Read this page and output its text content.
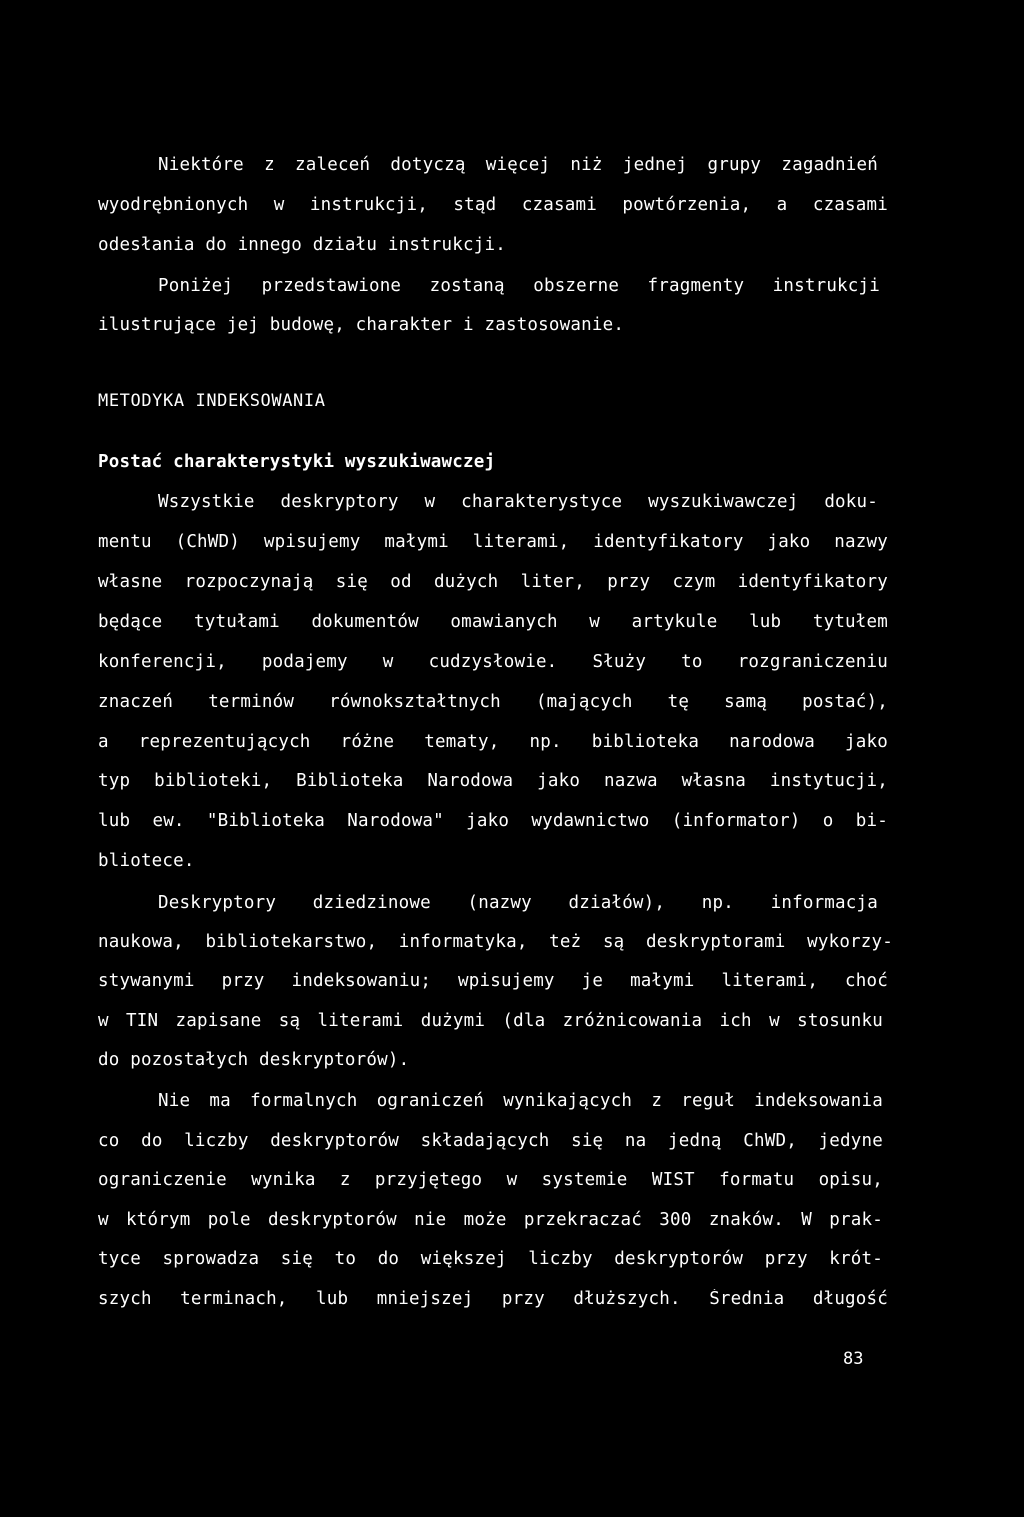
Niektóre z zaleceń dotyczą więcej niż jednej grupy zagadnień
wyodrębnionych w instrukcji, stąd czasami powtórzenia, a czasami
odesłania do innego działu instrukcji.
Poniżej przedstawione zostaną obszerne fragmenty instrukcji
ilustrujące jej budowę, charakter i zastosowanie.
METODYKA INDEKSOWANIA
Postać charakterystyki wyszukiwawczej
Wszystkie deskryptory w charakterystyce wyszukiwawczej doku-
mentu (ChWD) wpisujemy małymi literami, identyfikatory jako nazwy
własne rozpoczynają się od dużych liter, przy czym identyfikatory
będące tytułami dokumentów omawianych w artykule lub tytułem
konferencji, podajemy w cudzysłowie. Służy to rozgraniczeniu
znaczeń terminów równokształtnych (mających tę samą postać),
a reprezentujących różne tematy, np. biblioteka narodowa jako
typ biblioteki, Biblioteka Narodowa jako nazwa własna instytucji,
lub ew. "Biblioteka Narodowa" jako wydawnictwo (informator) o bi-
bliotece.
Deskryptory dziedzinowe (nazwy działów), np. informacja
naukowa, bibliotekarstwo, informatyka, też są deskryptorami wykorzy-
stywanymi przy indeksowaniu; wpisujemy je małymi literami, choć
w TIN zapisane są literami dużymi (dla zróżnicowania ich w stosunku
do pozostałych deskryptorów).
Nie ma formalnych ograniczeń wynikających z reguł indeksowania
co do liczby deskryptorów składających się na jedną ChWD, jedyne
ograniczenie wynika z przyjętego w systemie WIST formatu opisu,
w którym pole deskryptorów nie może przekraczać 300 znaków. W prak-
tyce sprowadza się to do większej liczby deskryptorów przy krót-
szych terminach, lub mniejszej przy dłuższych. Średnia długość
83
